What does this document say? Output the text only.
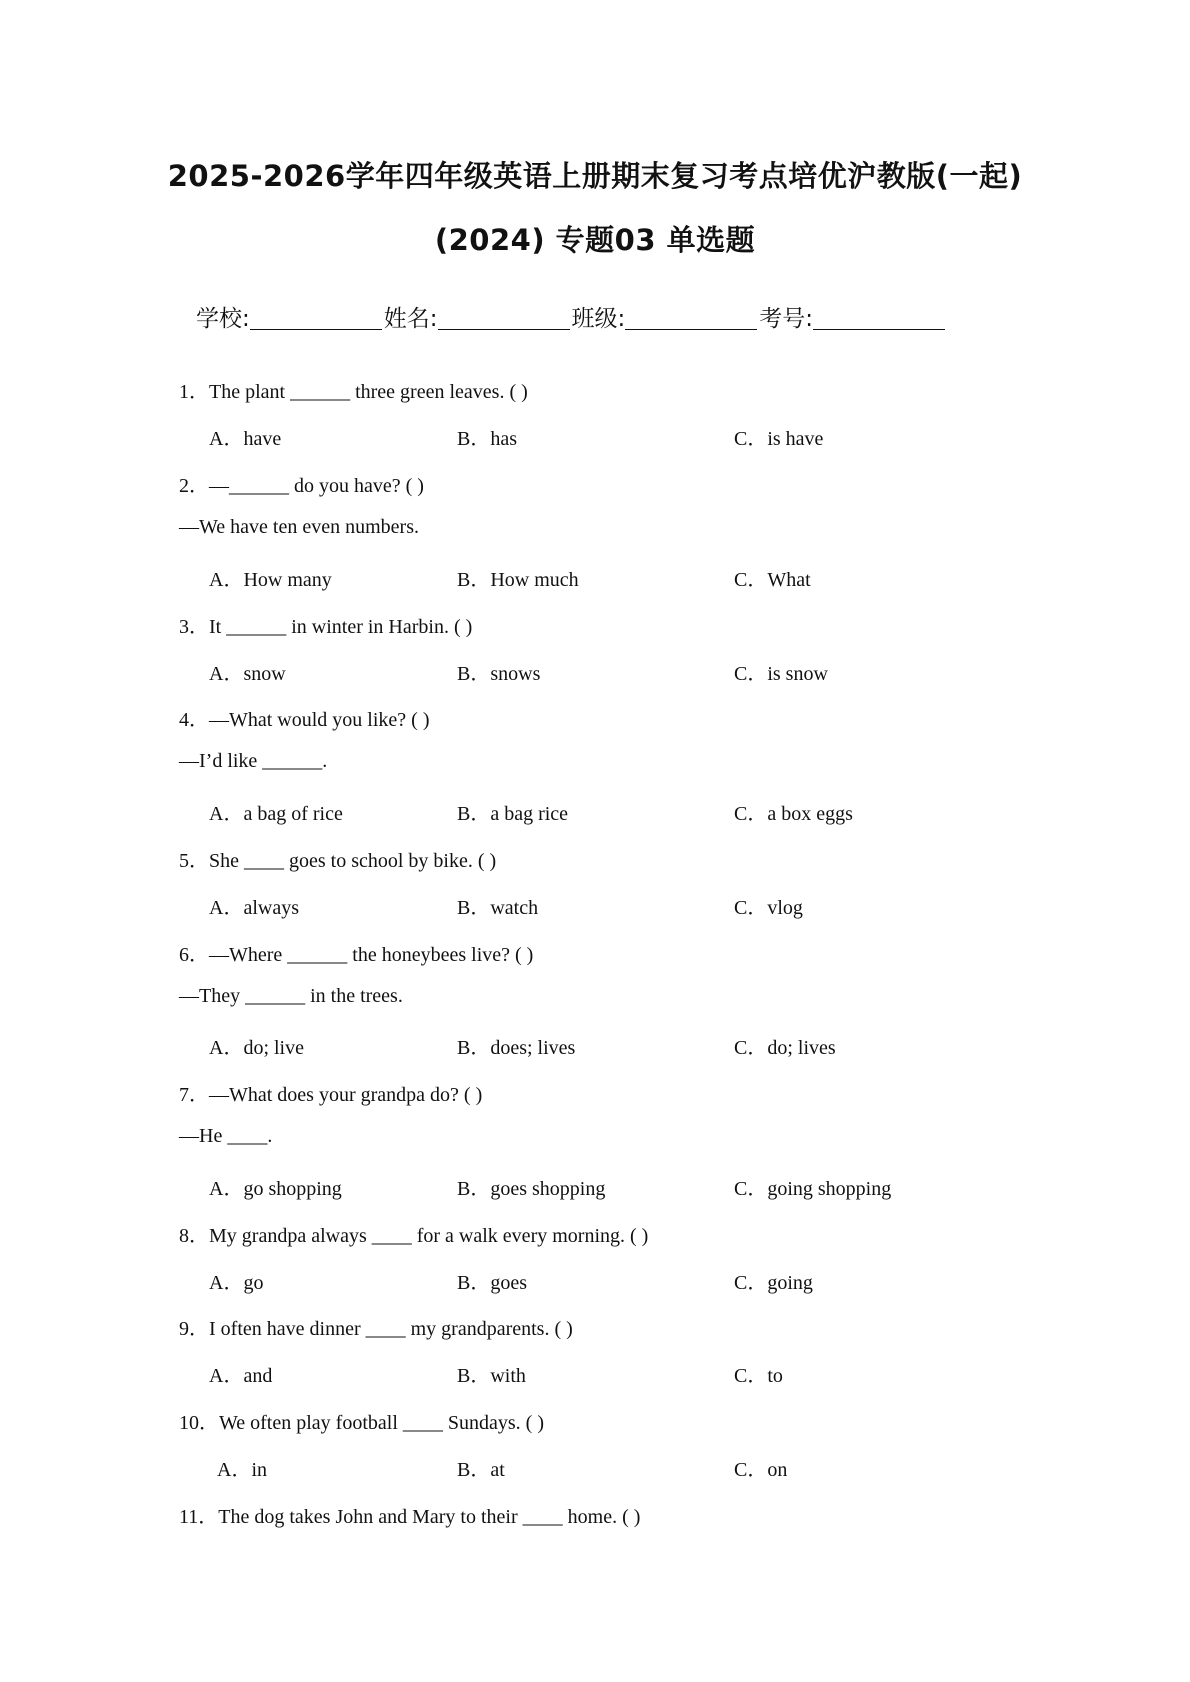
2025-2026学年四年级英语上册期末复习考点培优沪教版(一起)
(2024) 专题03 单选题
学校:	姓名:	班级:	考号:
1．The plant ______ three green leaves. ( )
A．have	B．has	C．is have
2．—______ do you have? ( )
—We have ten even numbers.
A．How many	B．How much	C．What
3．It ______ in winter in Harbin. ( )
A．snow	B．snows	C．is snow
4．—What would you like? ( )
—I’d like ______.
A．a bag of rice	B．a bag rice	C．a box eggs
5．She ____ goes to school by bike. ( )
A．always	B．watch	C．vlog
6．—Where ______ the honeybees live? ( )
—They ______ in the trees.
A．do; live	B．does; lives	C．do; lives
7．—What does your grandpa do? ( )
—He ____.
A．go shopping	B．goes shopping	C．going shopping
8．My grandpa always ____ for a walk every morning. ( )
A．go	B．goes	C．going
9．I often have dinner ____ my grandparents. ( )
A．and	B．with	C．to
10．We often play football ____ Sundays. ( )
A．in	B．at	C．on
11．The dog takes John and Mary to their ____ home. ( )
